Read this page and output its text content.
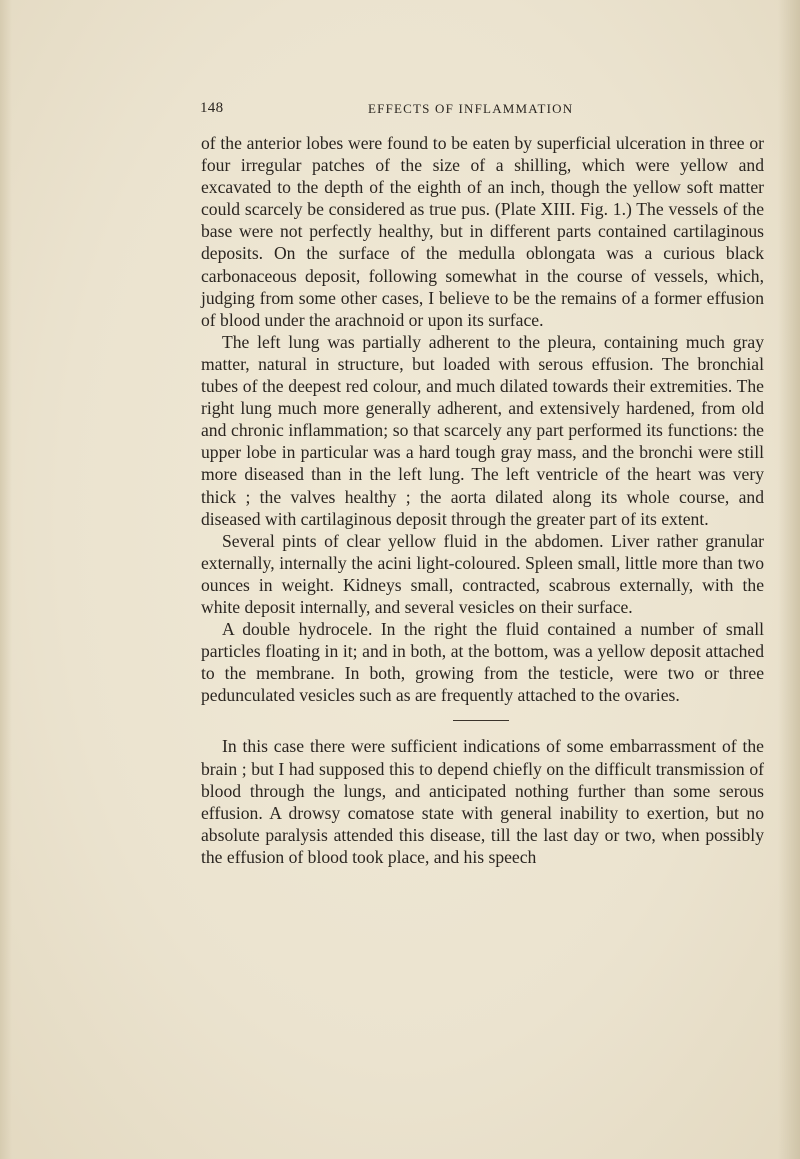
148	EFFECTS OF INFLAMMATION

of the anterior lobes were found to be eaten by superficial ulceration in three or four irregular patches of the size of a shilling, which were yellow and excavated to the depth of the eighth of an inch, though the yellow soft matter could scarcely be considered as true pus. (Plate XIII. Fig. 1.) The vessels of the base were not perfectly healthy, but in different parts contained cartilaginous deposits. On the surface of the medulla oblongata was a curious black carbonaceous deposit, following somewhat in the course of vessels, which, judging from some other cases, I believe to be the remains of a former effusion of blood under the arachnoid or upon its surface.

The left lung was partially adherent to the pleura, containing much gray matter, natural in structure, but loaded with serous effusion. The bronchial tubes of the deepest red colour, and much dilated towards their extremities. The right lung much more generally adherent, and extensively hardened, from old and chronic inflammation; so that scarcely any part performed its functions: the upper lobe in particular was a hard tough gray mass, and the bronchi were still more diseased than in the left lung. The left ventricle of the heart was very thick ; the valves healthy ; the aorta dilated along its whole course, and diseased with cartilaginous deposit through the greater part of its extent.

Several pints of clear yellow fluid in the abdomen. Liver rather granular externally, internally the acini light-coloured. Spleen small, little more than two ounces in weight. Kidneys small, contracted, scabrous externally, with the white deposit internally, and several vesicles on their surface.

A double hydrocele. In the right the fluid contained a number of small particles floating in it; and in both, at the bottom, was a yellow deposit attached to the membrane. In both, growing from the testicle, were two or three pedunculated vesicles such as are frequently attached to the ovaries.

In this case there were sufficient indications of some embarrassment of the brain ; but I had supposed this to depend chiefly on the difficult transmission of blood through the lungs, and anticipated nothing further than some serous effusion. A drowsy comatose state with general inability to exertion, but no absolute paralysis attended this disease, till the last day or two, when possibly the effusion of blood took place, and his speech
